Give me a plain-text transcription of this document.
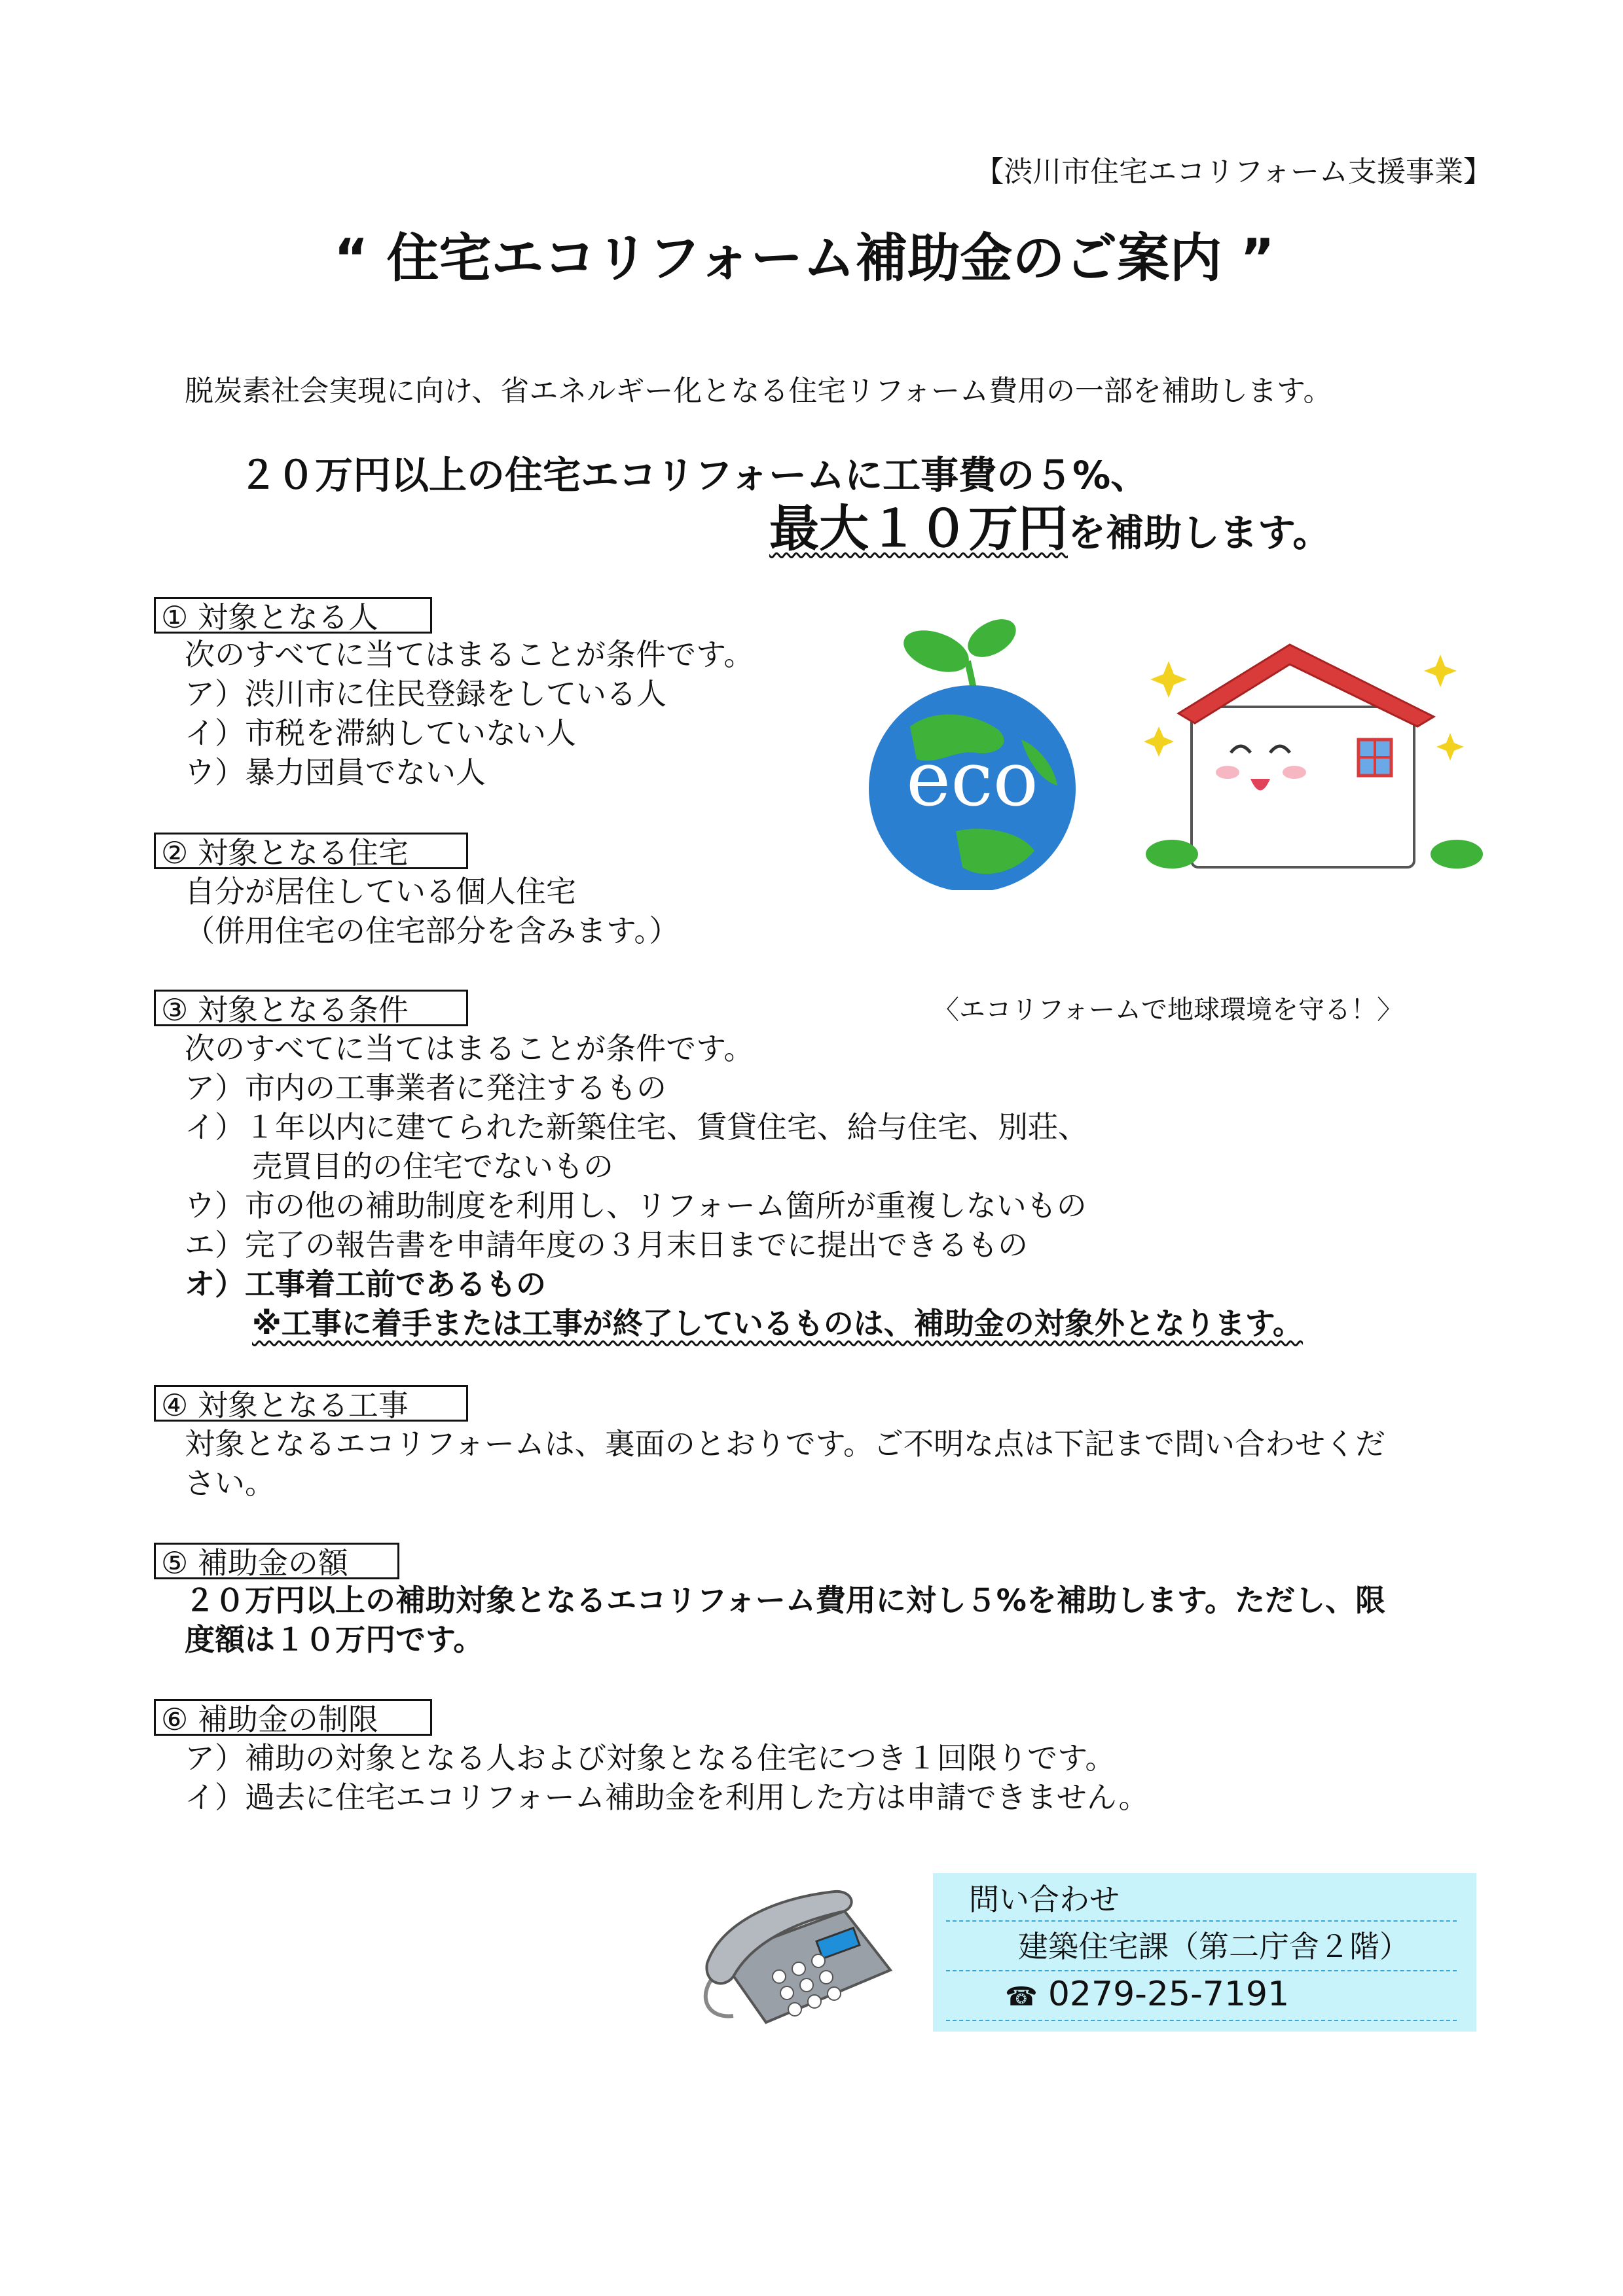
【渋川市住宅エコリフォーム支援事業】
“ 住宅エコリフォーム補助金のご案内 ”
脱炭素社会実現に向け、省エネルギー化となる住宅リフォーム費用の一部を補助します。
２０万円以上の住宅エコリフォームに工事費の５%、
最大１０万円を補助します。
① 対象となる人
次のすべてに当てはまることが条件です。
ア）渋川市に住民登録をしている人
イ）市税を滞納していない人
ウ）暴力団員でない人
② 対象となる住宅
自分が居住している個人住宅
（併用住宅の住宅部分を含みます。）
eco
③ 対象となる条件	〈エコリフォームで地球環境を守る！〉
次のすべてに当てはまることが条件です。
ア）市内の工事業者に発注するもの
イ）１年以内に建てられた新築住宅、賃貸住宅、給与住宅、別荘、
売買目的の住宅でないもの
ウ）市の他の補助制度を利用し、リフォーム箇所が重複しないもの
エ）完了の報告書を申請年度の３月末日までに提出できるもの
オ）工事着工前であるもの
※工事に着手または工事が終了しているものは、補助金の対象外となります。
④ 対象となる工事
対象となるエコリフォームは、裏面のとおりです。ご不明な点は下記まで問い合わせくだ
さい。
⑤ 補助金の額
２０万円以上の補助対象となるエコリフォーム費用に対し５%を補助します。ただし、限
度額は１０万円です。
⑥ 補助金の制限
ア）補助の対象となる人および対象となる住宅につき１回限りです。
イ）過去に住宅エコリフォーム補助金を利用した方は申請できません。
問い合わせ
建築住宅課（第二庁舎２階）
☎ 0279-25-7191
